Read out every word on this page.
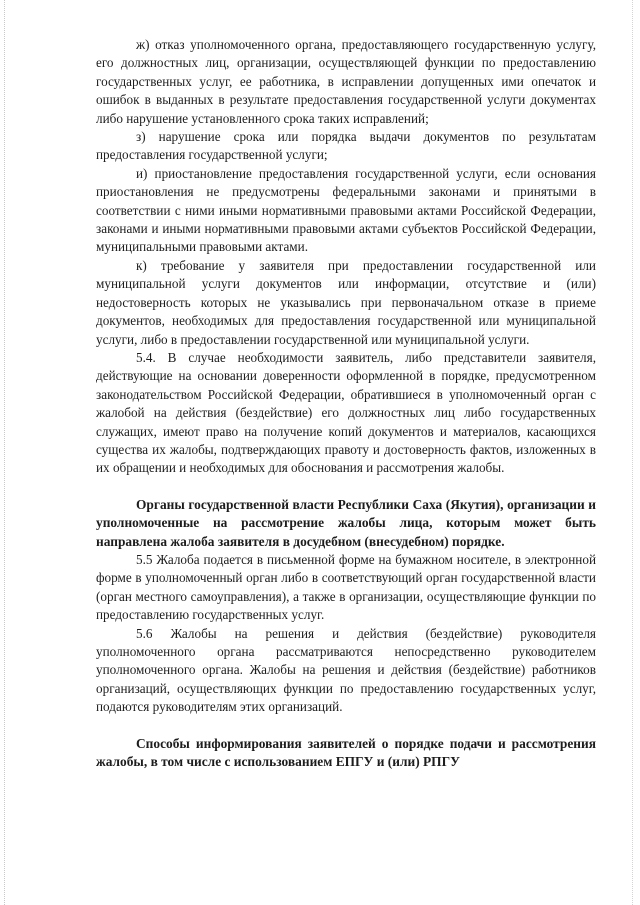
ж) отказ уполномоченного органа, предоставляющего государственную услугу, его должностных лиц, организации, осуществляющей функции по предоставлению государственных услуг, ее работника, в исправлении допущенных ими опечаток и ошибок в выданных в результате предоставления государственной услуги документах либо нарушение установленного срока таких исправлений;

з) нарушение срока или порядка выдачи документов по результатам предоставления государственной услуги;

и) приостановление предоставления государственной услуги, если основания приостановления не предусмотрены федеральными законами и принятыми в соответствии с ними иными нормативными правовыми актами Российской Федерации, законами и иными нормативными правовыми актами субъектов Российской Федерации, муниципальными правовыми актами.

к) требование у заявителя при предоставлении государственной или муниципальной услуги документов или информации, отсутствие и (или) недостоверность которых не указывались при первоначальном отказе в приеме документов, необходимых для предоставления государственной или муниципальной услуги, либо в предоставлении государственной или муниципальной услуги.

5.4. В случае необходимости заявитель, либо представители заявителя, действующие на основании доверенности оформленной в порядке, предусмотренном законодательством Российской Федерации, обратившиеся в уполномоченный орган с жалобой на действия (бездействие) его должностных лиц либо государственных служащих, имеют право на получение копий документов и материалов, касающихся существа их жалобы, подтверждающих правоту и достоверность фактов, изложенных в их обращении и необходимых для обоснования и рассмотрения жалобы.

Органы государственной власти Республики Саха (Якутия), организации и уполномоченные на рассмотрение жалобы лица, которым может быть направлена жалоба заявителя в досудебном (внесудебном) порядке.

5.5 Жалоба подается в письменной форме на бумажном носителе, в электронной форме в уполномоченный орган либо в соответствующий орган государственной власти (орган местного самоуправления), а также в организации, осуществляющие функции по предоставлению государственных услуг.

5.6 Жалобы на решения и действия (бездействие) руководителя уполномоченного органа рассматриваются непосредственно руководителем уполномоченного органа. Жалобы на решения и действия (бездействие) работников организаций, осуществляющих функции по предоставлению государственных услуг, подаются руководителям этих организаций.

Способы информирования заявителей о порядке подачи и рассмотрения жалобы, в том числе с использованием ЕПГУ и (или) РПГУ
